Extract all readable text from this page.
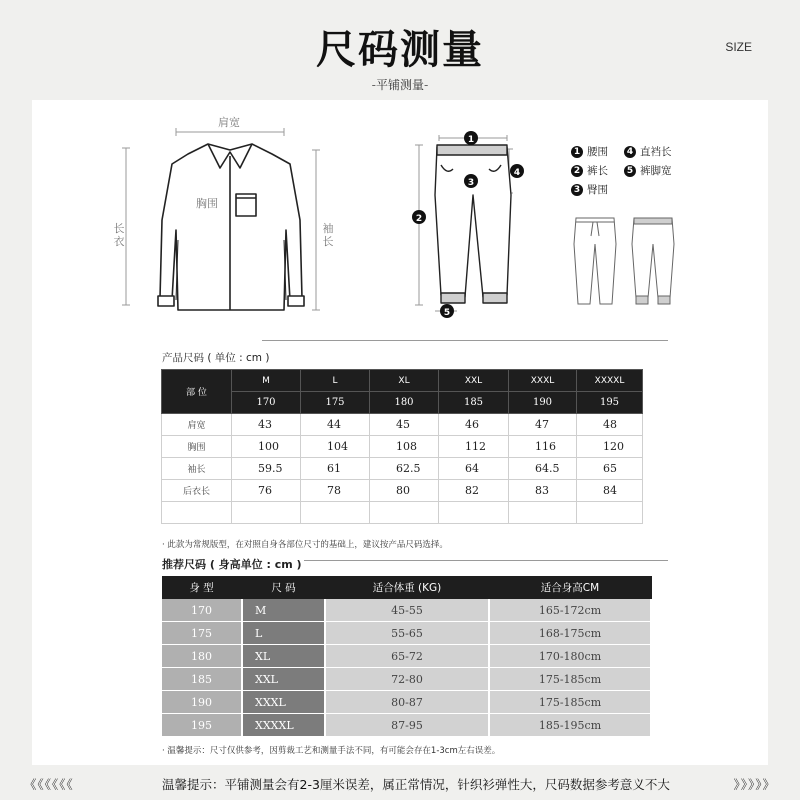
尺码测量	SIZE
-平铺测量-
肩宽
胸围
长衣
袖长
1
2
3
4
5
1 腰围	4 直裆长
2 裤长	5 裤脚宽
3 臀围
产品尺码 ( 单位 : cm )
部 位	M	L	XL	XXL	XXXL	XXXXL
	170	175	180	185	190	195
肩宽	43	44	45	46	47	48
胸围	100	104	108	112	116	120
袖长	59.5	61	62.5	64	64.5	65
后衣长	76	78	80	82	83	84

· 此款为常规版型，在对照自身各部位尺寸的基础上，建议按产品尺码选择。
推荐尺码 ( 身高单位 : cm )
身 型	尺 码	适合体重 (KG)	适合身高CM
170	M	45-55	165-172cm
175	L	55-65	168-175cm
180	XL	65-72	170-180cm
185	XXL	72-80	175-185cm
190	XXXL	80-87	175-185cm
195	XXXXL	87-95	185-195cm
· 温馨提示：尺寸仅供参考，因剪裁工艺和测量手法不同，有可能会存在1-3cm左右误差。
《《《《《《	温馨提示：平铺测量会有2-3厘米误差，属正常情况，针织衫弹性大，尺码数据参考意义不大	》》》》》
